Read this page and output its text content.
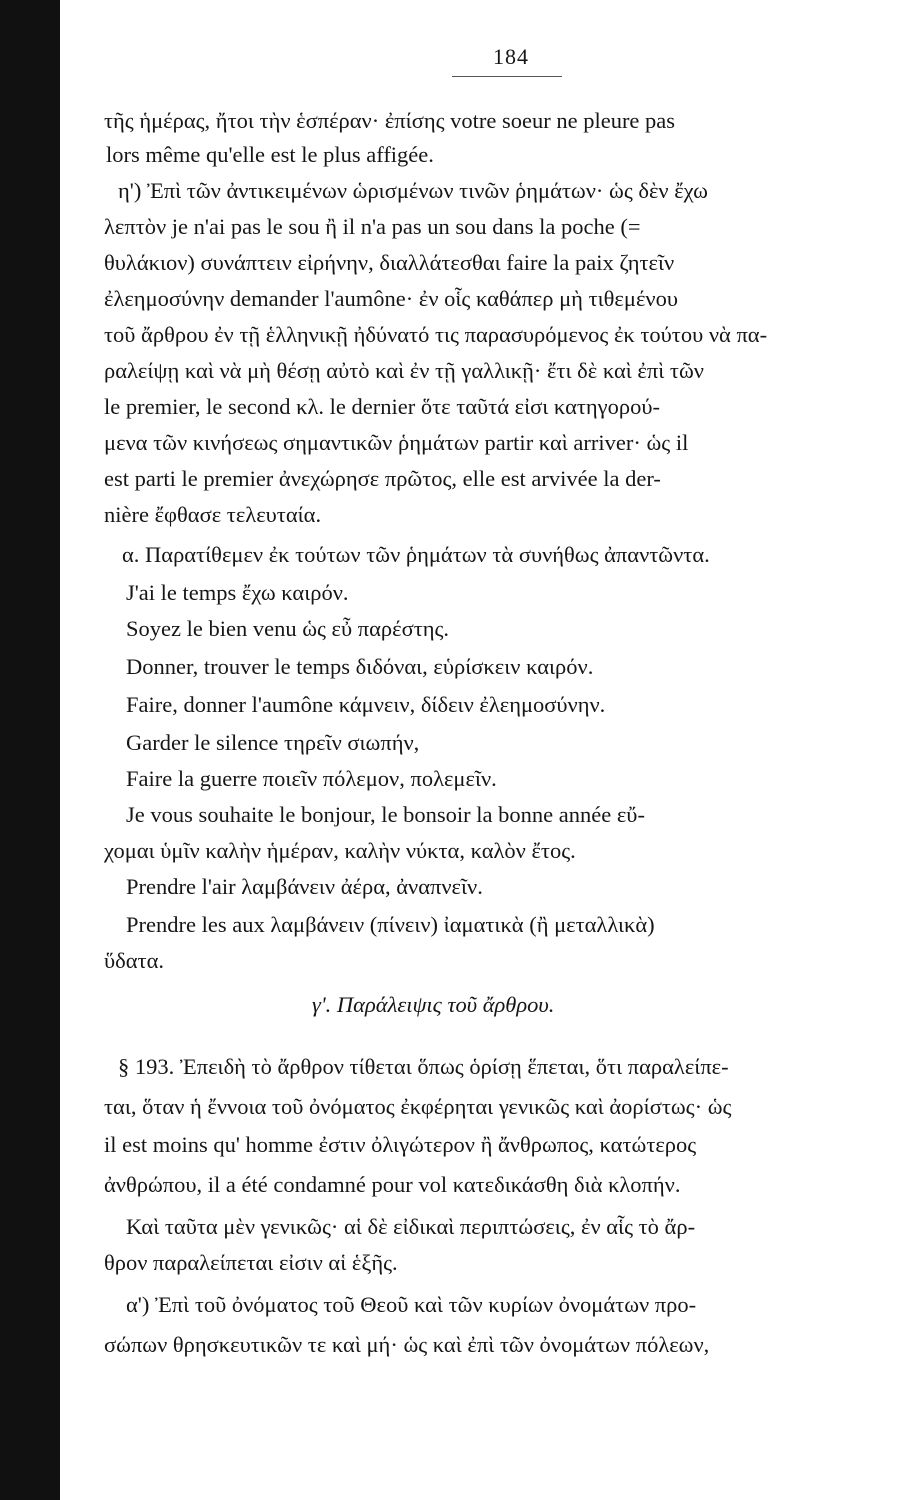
184
τῆς ἡμέρας, ἤτοι τὴν ἑσπέραν· ἐπίσης votre soeur ne pleure pas
lors même qu'elle est le plus affigée.
η') Ἐπὶ τῶν ἀντικειμένων ὡρισμένων τινῶν ῥημάτων· ὡς δὲν ἔχω
λεπτὸν je n'ai pas le sou ἢ il n'a pas un sou dans la poche (=
θυλάκιον) συνάπτειν εἰρήνην, διαλλάτεσθαι faire la paix ζητεῖν
ἐλεημοσύνην demander l'aumône· ἐν οἷς καθάπερ μὴ τιθεμένου
τοῦ ἄρθρου ἐν τῇ ἑλληνικῇ ἠδύνατό τις παρασυρόμενος ἐκ τούτου νὰ πα-
ραλείψῃ καὶ νὰ μὴ θέσῃ αὐτὸ καὶ ἐν τῇ γαλλικῇ· ἔτι δὲ καὶ ἐπὶ τῶν
le premier, le second κλ. le dernier ὅτε ταῦτά εἰσι κατηγορού-
μενα τῶν κινήσεως σημαντικῶν ῥημάτων partir καὶ arriver· ὡς il
est parti le premier ἀνεχώρησε πρῶτος, elle est arvivée la der-
nière ἔφθασε τελευταία.
α. Παρατίθεμεν ἐκ τούτων τῶν ῥημάτων τὰ συνήθως ἀπαντῶντα.
J'ai le temps ἔχω καιρόν.
Soyez le bien venu ὡς εὖ παρέστης.
Donner, trouver le temps διδόναι, εὑρίσκειν καιρόν.
Faire, donner l'aumône κάμνειν, δίδειν ἐλεημοσύνην.
Garder le silence τηρεῖν σιωπήν,
Faire la guerre ποιεῖν πόλεμον, πολεμεῖν.
Je vous souhaite le bonjour, le bonsoir la bonne année εὔ-
χομαι ὑμῖν καλὴν ἡμέραν, καλὴν νύκτα, καλὸν ἔτος.
Prendre l'air λαμβάνειν ἀέρα, ἀναπνεῖν.
Prendre les aux λαμβάνειν (πίνειν) ἰαματικὰ (ἢ μεταλλικὰ)
ὕδατα.
γ'. Παράλειψις τοῦ ἄρθρου.
§ 193. Ἐπειδὴ τὸ ἄρθρον τίθεται ὅπως ὁρίσῃ ἕπεται, ὅτι παραλείπε-
ται, ὅταν ἡ ἔννοια τοῦ ὀνόματος ἐκφέρηται γενικῶς καὶ ἀορίστως· ὡς
il est moins qu' homme ἐστιν ὀλιγώτερον ἢ ἄνθρωπος, κατώτερος
ἀνθρώπου, il a été condamné pour vol κατεδικάσθη διὰ κλοπήν.
Καὶ ταῦτα μὲν γενικῶς· αἱ δὲ εἰδικαὶ περιπτώσεις, ἐν αἷς τὸ ἄρ-
θρον παραλείπεται εἰσιν αἱ ἑξῆς.
α') Ἐπὶ τοῦ ὀνόματος τοῦ Θεοῦ καὶ τῶν κυρίων ὀνομάτων προ-
σώπων θρησκευτικῶν τε καὶ μή· ὡς καὶ ἐπὶ τῶν ὀνομάτων πόλεων,
